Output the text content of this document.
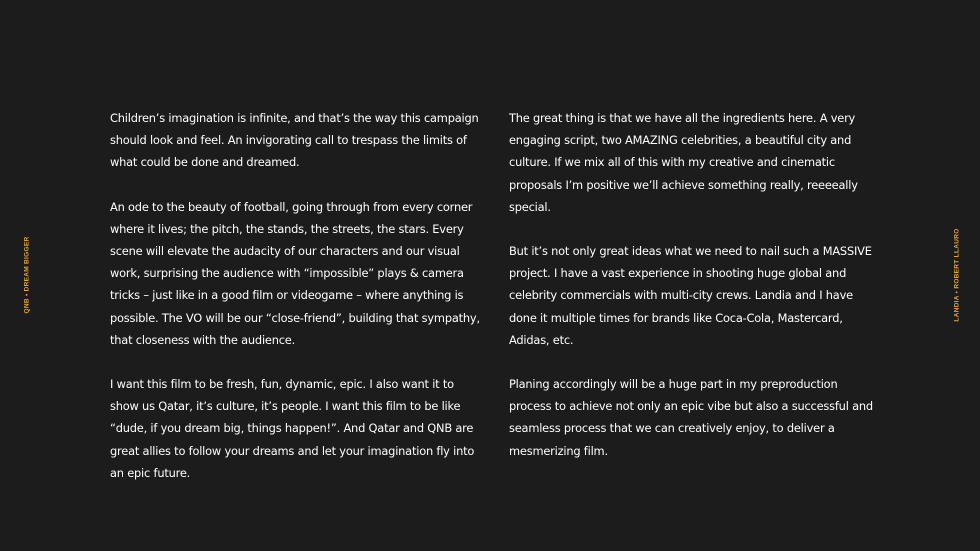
QNB • DREAM BIGGER	LANDIA • ROBERT LLAURO

Children’s imagination is infinite, and that’s the way this campaign should look and feel. An invigorating call to trespass the limits of what could be done and dreamed.

An ode to the beauty of football, going through from every corner where it lives; the pitch, the stands, the streets, the stars. Every scene will elevate the audacity of our characters and our visual work, surprising the audience with “impossible” plays & camera tricks – just like in a good film or videogame – where anything is possible. The VO will be our “close-friend”, building that sympathy, that closeness with the audience.

I want this film to be fresh, fun, dynamic, epic. I also want it to show us Qatar, it’s culture, it’s people. I want this film to be like “dude, if you dream big, things happen!”. And Qatar and QNB are great allies to follow your dreams and let your imagination fly into an epic future.

The great thing is that we have all the ingredients here. A very engaging script, two AMAZING celebrities, a beautiful city and culture. If we mix all of this with my creative and cinematic proposals I’m positive we’ll achieve something really, reeeeally special.

But it’s not only great ideas what we need to nail such a MASSIVE project. I have a vast experience in shooting huge global and celebrity commercials with multi-city crews. Landia and I have done it multiple times for brands like Coca-Cola, Mastercard, Adidas, etc.

Planing accordingly will be a huge part in my preproduction process to achieve not only an epic vibe but also a successful and seamless process that we can creatively enjoy, to deliver a mesmerizing film.
